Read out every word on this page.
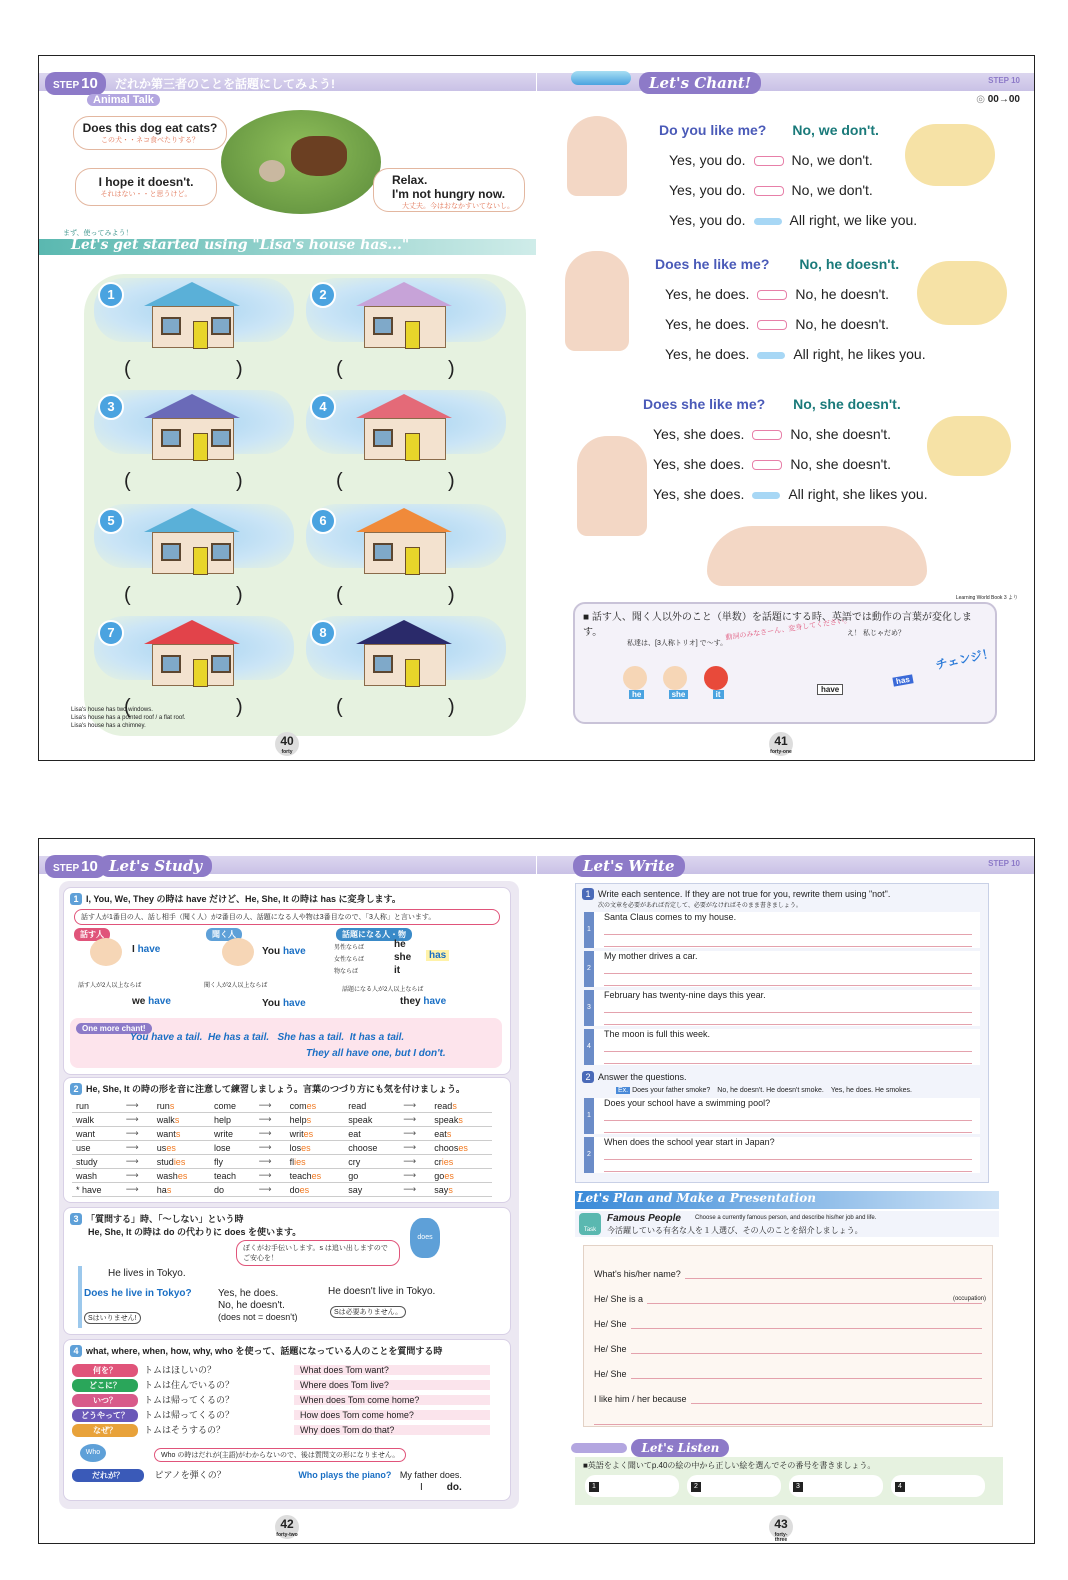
STEP 10	だれか第三者のことを話題にしてみよう!
Animal Talk
Does this dog eat cats?
この犬・・ネコ食べたりする？
I hope it doesn't.
それはない・・と思うけど。
Relax.
I'm not hungry now.
大丈夫。今はおなかすいてないし。
まず、使ってみよう！
Let's get started using "Lisa's house has..."
1
(	)
2
(	)
3
(	)
4
(	)
5
(	)
6
(	)
7
(	)
8
(	)
Lisa's house has two windows.
Lisa's house has a pointed roof / a flat roof.
Lisa's house has a chimney.
40
forty
Let's Chant!	STEP 10
◎ 00→00
Do you like me? No, we don't.
Yes, you do.	No, we don't.
Yes, you do.	No, we don't.
Yes, you do.	All right, we like you.
Does he like me? No, he doesn't.
Yes, he does.	No, he doesn't.
Yes, he does.	No, he doesn't.
Yes, he does.	All right, he likes you.
Does she like me? No, she doesn't.
Yes, she does.	No, she doesn't.
Yes, she does.	No, she doesn't.
Yes, she does.	All right, she likes you.
Learning World Book 3 より
■ 話す人、聞く人以外のこと（単数）を話題にする時、英語では動作の言葉が変化します。
私達は、[3人称トリオ] で〜す。
動詞のみなさーん、変身してください。
え！ 私じゃだめ？
チェンジ！

he	she	it
have
has
41
forty-one
STEP 10 Let's Study
1 I, You, We, They の時は have だけど、He, She, It の時は has に変身します。
話す人が1番目の人、話し相手（聞く人）が2番目の人、話題になる人や物は3番目なので、「3人称」と言います。
話す人	聞く人	話題になる人・物
I have	You have	男性ならば
女性ならば
物ならば
he
she
it
has
話す人が2人以上ならば	聞く人が2人以上ならば
話題になる人が2人以上ならば
we have	You have	they have
One more chant!
You have a tail. He has a tail. She has a tail. It has a tail.
They all have one, but I don't.
2 He, She, It の時の形を音に注意して練習しましょう。言葉のつづり方にも気を付けましょう。
run	⟶	runs	come	⟶	comes	read	⟶	reads
walk	⟶	walks	help	⟶	helps	speak	⟶	speaks
want	⟶	wants	write	⟶	writes	eat	⟶	eats
use	⟶	uses	lose	⟶	loses	choose	⟶	chooses
study	⟶	studies	fly	⟶	flies	cry	⟶	cries
wash	⟶	washes	teach	⟶	teaches	go	⟶	goes
* have	⟶	has	do	⟶	does	say	⟶	says
3 「質問する」時、「〜しない」という時
He, She, It の時は do の代わりに does を使います。
ぼくがお手伝いします。s は追い出しますのでご安心を！
does
He lives in Tokyo.
Does he live in Tokyo?	Yes, he does.
No, he doesn't.
(does not = doesn't)
Sはいりません!
He doesn't live in Tokyo.
Sは必要ありません。
4 what, where, when, how, why, who を使って、話題になっている人のことを質問する時
何を？	トムはほしいの？	What does Tom want?
どこに？	トムは住んでいるの？	Where does Tom live?
いつ？	トムは帰ってくるの？	When does Tom come home?
どうやって？ トムは帰ってくるの？	How does Tom come home?
なぜ？	トムはそうするの？	Why does Tom do that?
Who	Who の時はだれが(主語)がわからないので、後は質問文の形になりません。
だれが？	ピアノを弾くの？	Who plays the piano? My father does.
I do.
42
forty-two
Let's Write	STEP 10
1 Write each sentence. If they are not true for you, rewrite them using "not".
次の文章を必要があれば否定して、必要がなければそのまま書きましょう。
1
Santa Claus comes to my house.
2
My mother drives a car.
3
February has twenty-nine days this year.
4
The moon is full this week.
2 Answer the questions.
Ex. Does your father smoke?　No, he doesn't. He doesn't smoke.　Yes, he does. He smokes.
1
Does your school have a swimming pool?
2
When does the school year start in Japan?
Let's Plan and Make a Presentation
Task
Famous People Choose a currently famous person, and describe his/her job and life.
今活躍している有名な人を１人選び、その人のことを紹介しましょう。
What's his/her name?
He/ She is a
He/ She
He/ She
He/ She
I like him / her because
(occupation)
Let's Listen
■英語をよく聞いてp.40の絵の中から正しい絵を選んでその番号を書きましょう。
1	2	3	4
43
forty-three
